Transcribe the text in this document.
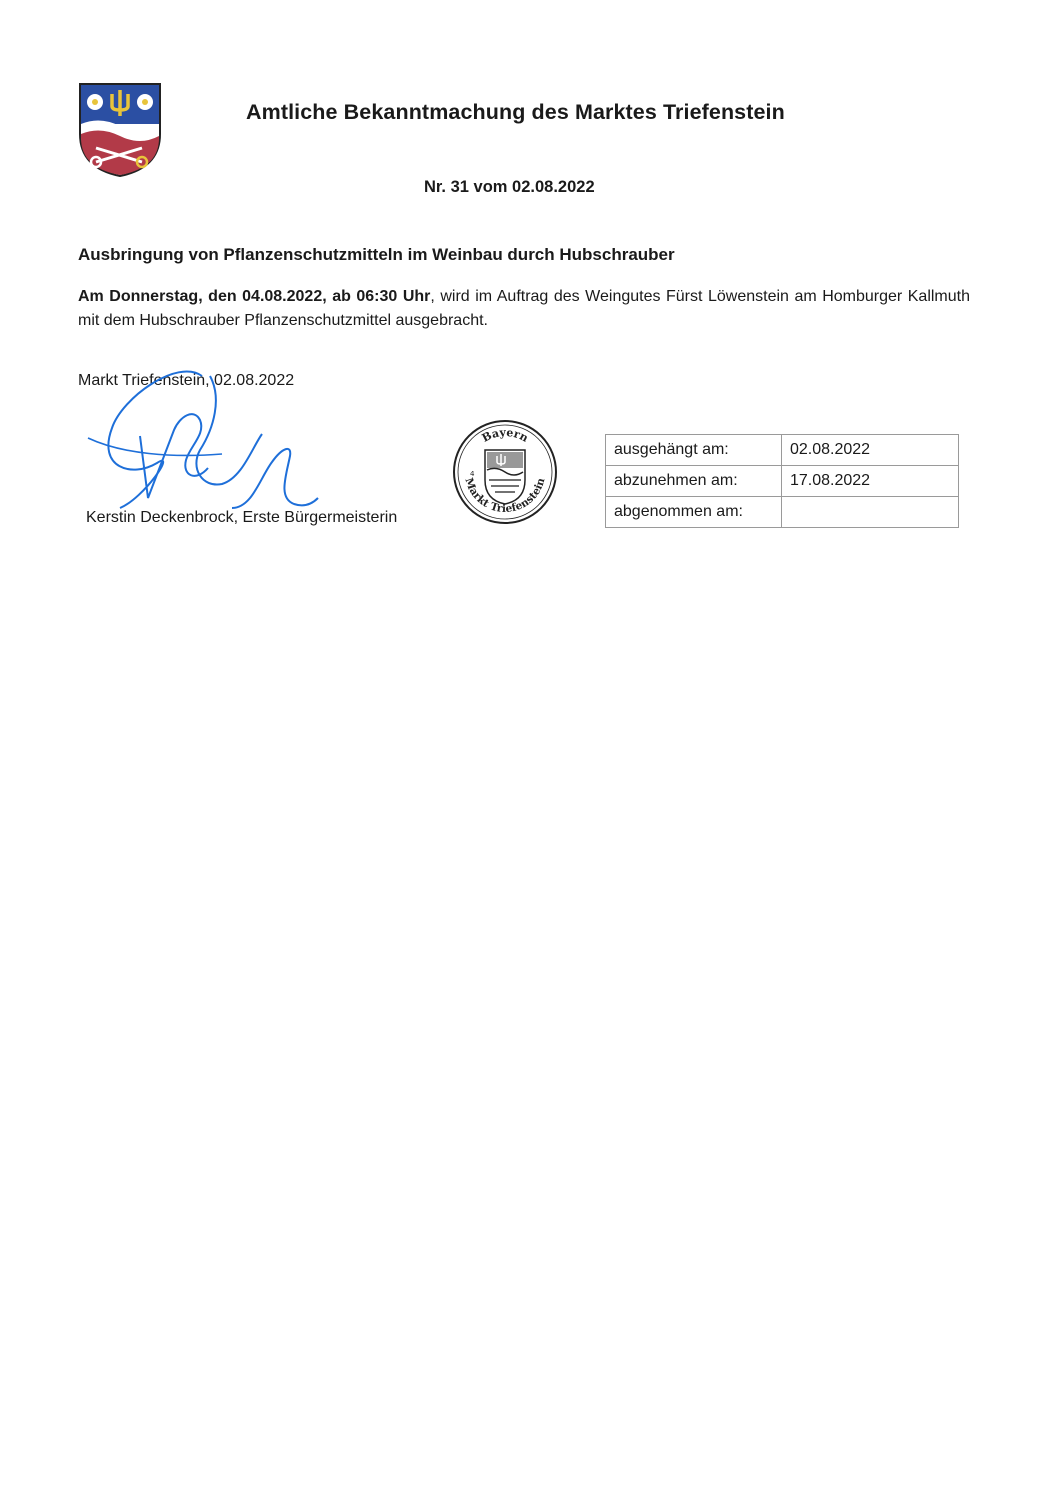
Amtliche Bekanntmachung des Marktes Triefenstein
Nr. 31 vom 02.08.2022
Ausbringung von Pflanzenschutzmitteln im Weinbau durch Hubschrauber
Am Donnerstag, den 04.08.2022, ab 06:30 Uhr, wird im Auftrag des Weingutes Fürst Löwenstein am Homburger Kallmuth mit dem Hubschrauber Pflanzenschutzmittel ausgebracht.
Markt Triefenstein, 02.08.2022
Kerstin Deckenbrock, Erste Bürgermeisterin
Bayern
Markt Triefenstein
4
ausgehängt am:	02.08.2022
abzunehmen am:	17.08.2022
abgenommen am:	
